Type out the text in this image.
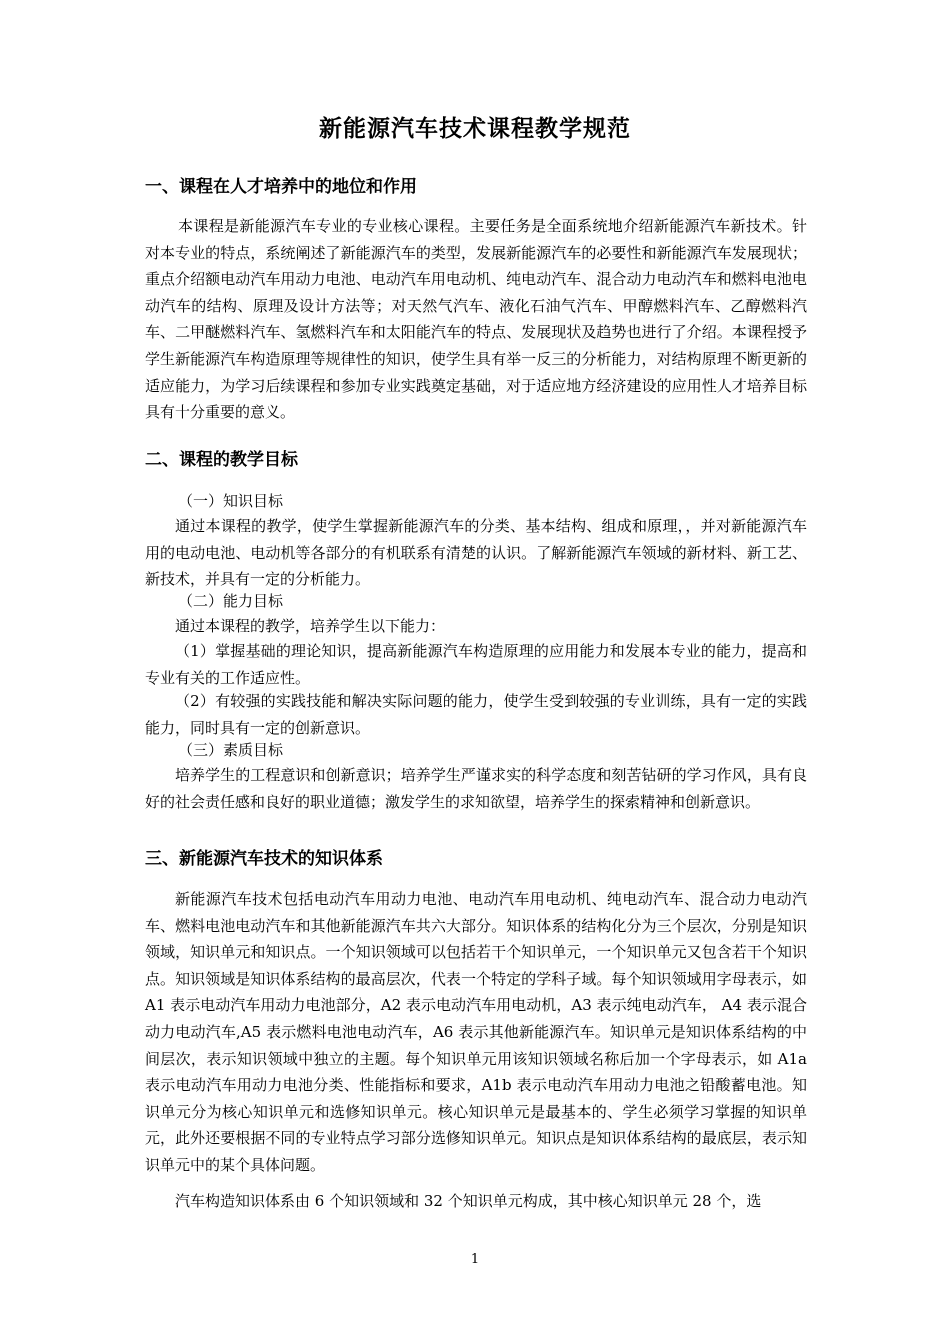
新能源汽车技术课程教学规范
一、课程在人才培养中的地位和作用
本课程是新能源汽车专业的专业核心课程。主要任务是全面系统地介绍新能源汽车新技术。针对本专业的特点，系统阐述了新能源汽车的类型，发展新能源汽车的必要性和新能源汽车发展现状；重点介绍额电动汽车用动力电池、电动汽车用电动机、纯电动汽车、混合动力电动汽车和燃料电池电动汽车的结构、原理及设计方法等；对天然气汽车、液化石油气汽车、甲醇燃料汽车、乙醇燃料汽车、二甲醚燃料汽车、氢燃料汽车和太阳能汽车的特点、发展现状及趋势也进行了介绍。本课程授予学生新能源汽车构造原理等规律性的知识，使学生具有举一反三的分析能力，对结构原理不断更新的适应能力，为学习后续课程和参加专业实践奠定基础，对于适应地方经济建设的应用性人才培养目标具有十分重要的意义。
二、课程的教学目标
（一）知识目标
通过本课程的教学，使学生掌握新能源汽车的分类、基本结构、组成和原理，，并对新能源汽车用的电动电池、电动机等各部分的有机联系有清楚的认识。了解新能源汽车领域的新材料、新工艺、新技术，并具有一定的分析能力。
（二）能力目标
通过本课程的教学，培养学生以下能力：
（1）掌握基础的理论知识，提高新能源汽车构造原理的应用能力和发展本专业的能力，提高和专业有关的工作适应性。
（2）有较强的实践技能和解决实际问题的能力，使学生受到较强的专业训练，具有一定的实践能力，同时具有一定的创新意识。
（三）素质目标
培养学生的工程意识和创新意识；培养学生严谨求实的科学态度和刻苦钻研的学习作风，具有良好的社会责任感和良好的职业道德；激发学生的求知欲望，培养学生的探索精神和创新意识。
三、新能源汽车技术的知识体系
新能源汽车技术包括电动汽车用动力电池、电动汽车用电动机、纯电动汽车、混合动力电动汽车、燃料电池电动汽车和其他新能源汽车共六大部分。知识体系的结构化分为三个层次，分别是知识领域，知识单元和知识点。一个知识领域可以包括若干个知识单元，一个知识单元又包含若干个知识点。知识领域是知识体系结构的最高层次，代表一个特定的学科子域。每个知识领域用字母表示，如 A1 表示电动汽车用动力电池部分，A2 表示电动汽车用电动机，A3 表示纯电动汽车， A4 表示混合动力电动汽车,A5 表示燃料电池电动汽车，A6 表示其他新能源汽车。知识单元是知识体系结构的中间层次，表示知识领域中独立的主题。每个知识单元用该知识领域名称后加一个字母表示，如 A1a 表示电动汽车用动力电池分类、性能指标和要求，A1b 表示电动汽车用动力电池之铅酸蓄电池。知识单元分为核心知识单元和选修知识单元。核心知识单元是最基本的、学生必须学习掌握的知识单元，此外还要根据不同的专业特点学习部分选修知识单元。知识点是知识体系结构的最底层，表示知识单元中的某个具体问题。
汽车构造知识体系由 6 个知识领域和 32 个知识单元构成，其中核心知识单元 28 个，选
1
